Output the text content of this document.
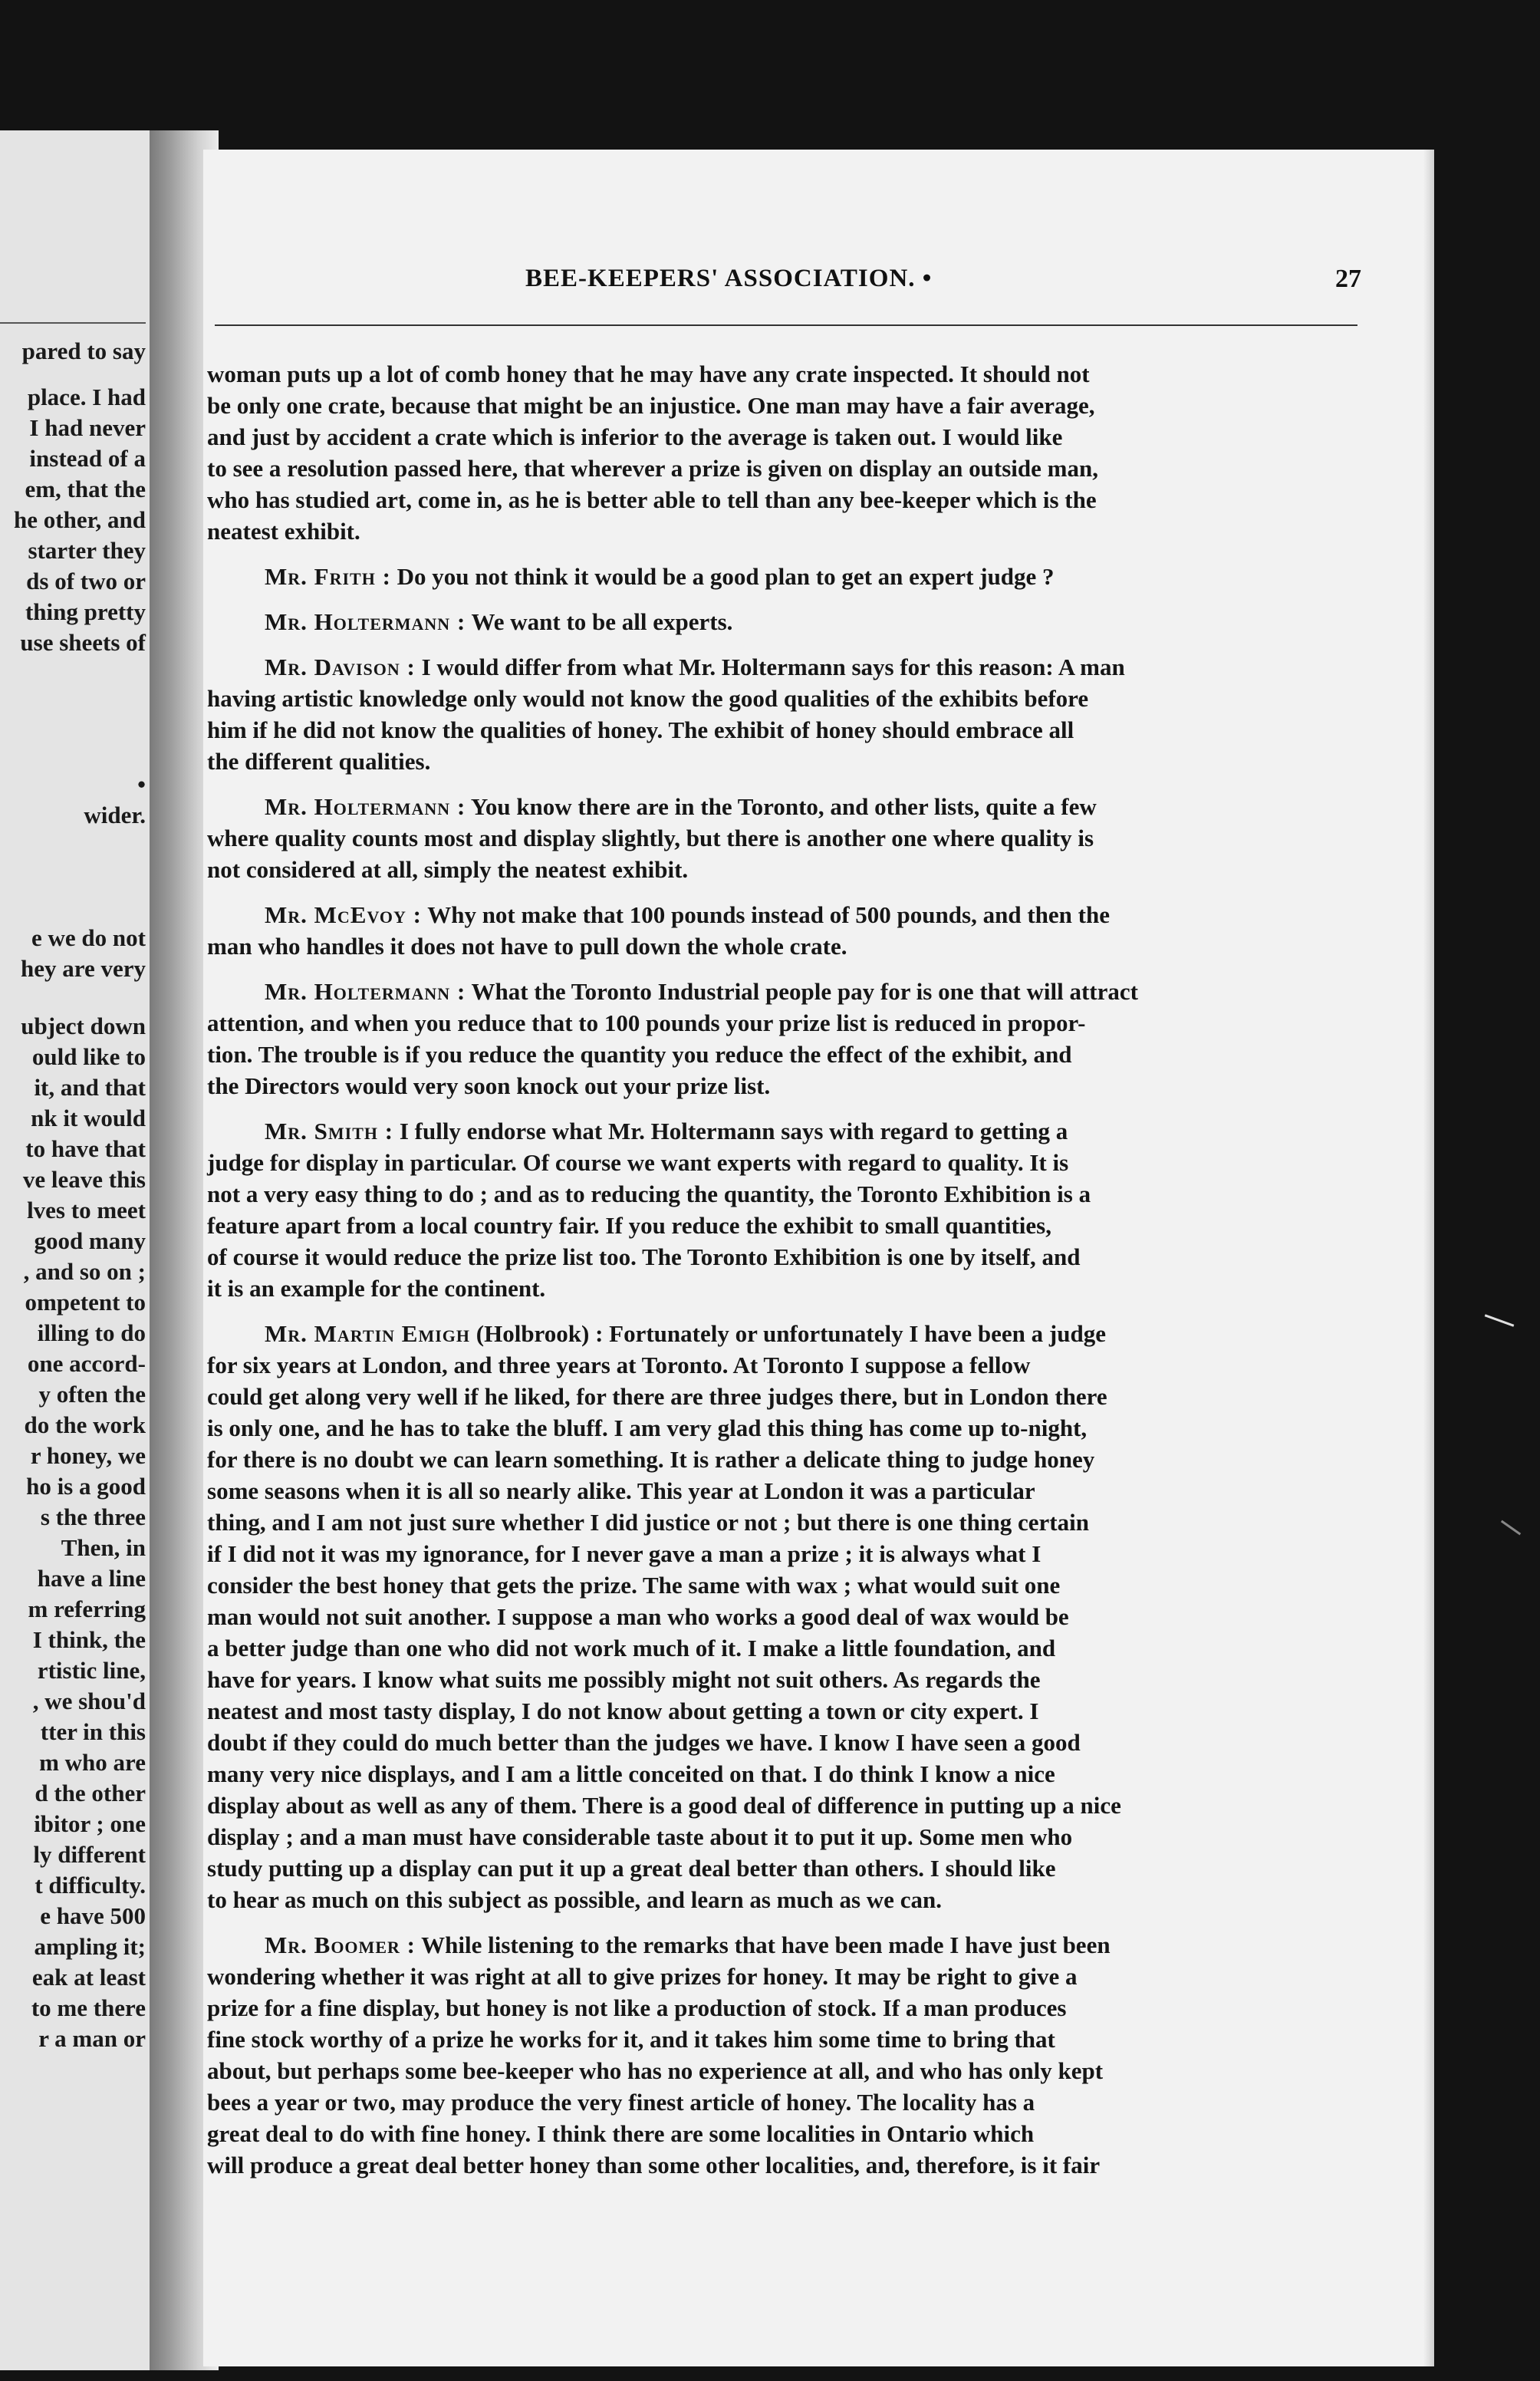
pared to say
place. I had
I had never
instead of a
em, that the
he other, and
starter they
ds of two or
thing pretty
use sheets of
•
wider.
e we do not
hey are very
ubject down
ould like to
it, and that
nk it would
to have that
ve leave this
lves to meet
good many
, and so on ;
ompetent to
illing to do
one accord-
y often the
do the work
r honey, we
ho is a good
s the three
Then, in
have a line
m referring
I think, the
rtistic line,
, we shou'd
tter in this
m who are
d the other
ibitor ; one
ly different
t difficulty.
e have 500
ampling it;
eak at least
to me there
r a man or
BEE-KEEPERS' ASSOCIATION. •	27
woman puts up a lot of comb honey that he may have any crate inspected. It should not
be only one crate, because that might be an injustice. One man may have a fair average,
and just by accident a crate which is inferior to the average is taken out. I would like
to see a resolution passed here, that wherever a prize is given on display an outside man,
who has studied art, come in, as he is better able to tell than any bee-keeper which is the
neatest exhibit.
Mr. Frith : Do you not think it would be a good plan to get an expert judge ?
Mr. Holtermann : We want to be all experts.
Mr. Davison : I would differ from what Mr. Holtermann says for this reason: A man
having artistic knowledge only would not know the good qualities of the exhibits before
him if he did not know the qualities of honey. The exhibit of honey should embrace all
the different qualities.
Mr. Holtermann : You know there are in the Toronto, and other lists, quite a few
where quality counts most and display slightly, but there is another one where quality is
not considered at all, simply the neatest exhibit.
Mr. McEvoy : Why not make that 100 pounds instead of 500 pounds, and then the
man who handles it does not have to pull down the whole crate.
Mr. Holtermann : What the Toronto Industrial people pay for is one that will attract
attention, and when you reduce that to 100 pounds your prize list is reduced in propor-
tion. The trouble is if you reduce the quantity you reduce the effect of the exhibit, and
the Directors would very soon knock out your prize list.
Mr. Smith : I fully endorse what Mr. Holtermann says with regard to getting a
judge for display in particular. Of course we want experts with regard to quality. It is
not a very easy thing to do ; and as to reducing the quantity, the Toronto Exhibition is a
feature apart from a local country fair. If you reduce the exhibit to small quantities,
of course it would reduce the prize list too. The Toronto Exhibition is one by itself, and
it is an example for the continent.
Mr. Martin Emigh (Holbrook) : Fortunately or unfortunately I have been a judge
for six years at London, and three years at Toronto. At Toronto I suppose a fellow
could get along very well if he liked, for there are three judges there, but in London there
is only one, and he has to take the bluff. I am very glad this thing has come up to-night,
for there is no doubt we can learn something. It is rather a delicate thing to judge honey
some seasons when it is all so nearly alike. This year at London it was a particular
thing, and I am not just sure whether I did justice or not ; but there is one thing certain
if I did not it was my ignorance, for I never gave a man a prize ; it is always what I
consider the best honey that gets the prize. The same with wax ; what would suit one
man would not suit another. I suppose a man who works a good deal of wax would be
a better judge than one who did not work much of it. I make a little foundation, and
have for years. I know what suits me possibly might not suit others. As regards the
neatest and most tasty display, I do not know about getting a town or city expert. I
doubt if they could do much better than the judges we have. I know I have seen a good
many very nice displays, and I am a little conceited on that. I do think I know a nice
display about as well as any of them. There is a good deal of difference in putting up a nice
display ; and a man must have considerable taste about it to put it up. Some men who
study putting up a display can put it up a great deal better than others. I should like
to hear as much on this subject as possible, and learn as much as we can.
Mr. Boomer : While listening to the remarks that have been made I have just been
wondering whether it was right at all to give prizes for honey. It may be right to give a
prize for a fine display, but honey is not like a production of stock. If a man produces
fine stock worthy of a prize he works for it, and it takes him some time to bring that
about, but perhaps some bee-keeper who has no experience at all, and who has only kept
bees a year or two, may produce the very finest article of honey. The locality has a
great deal to do with fine honey. I think there are some localities in Ontario which
will produce a great deal better honey than some other localities, and, therefore, is it fair
